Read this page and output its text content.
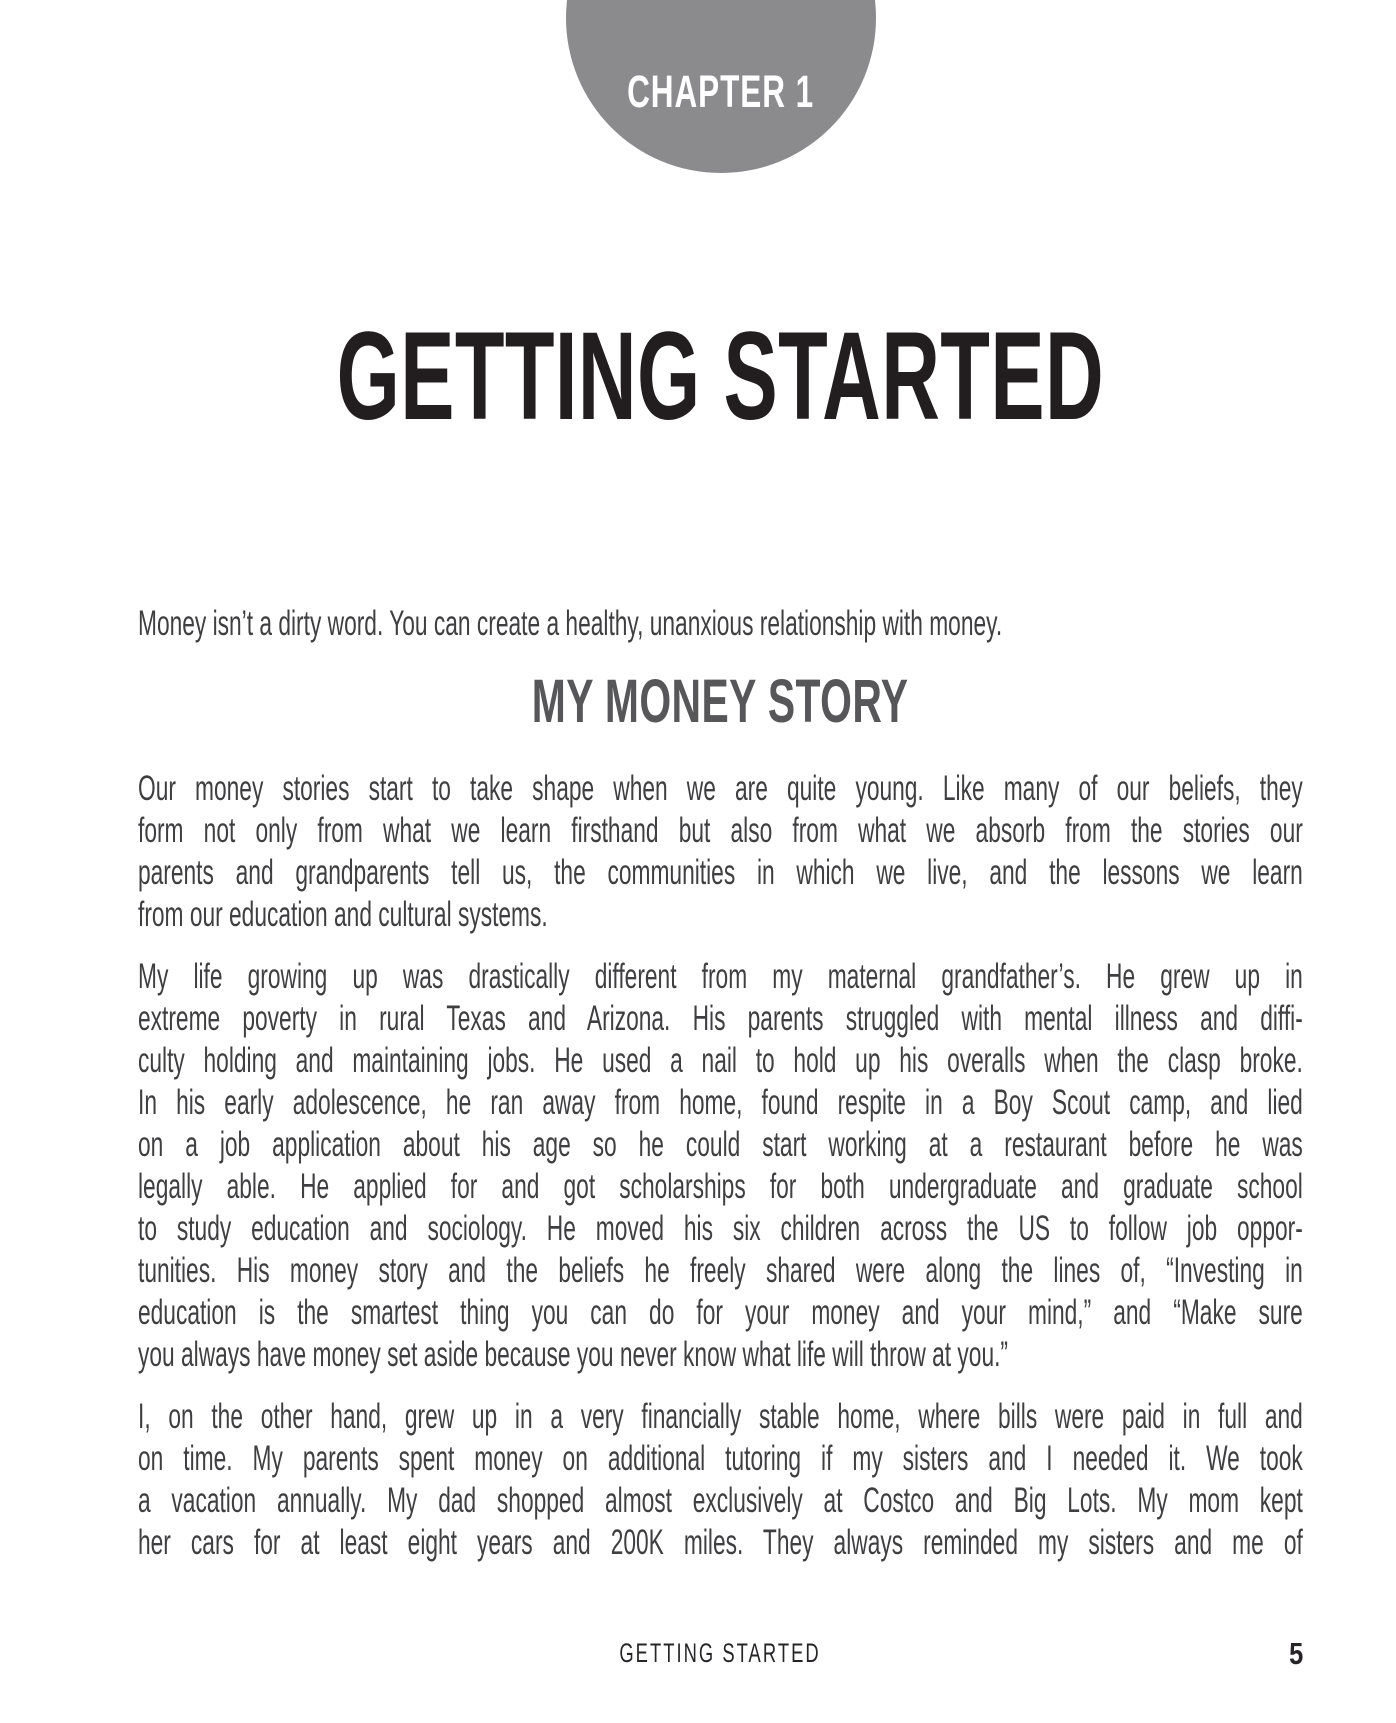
CHAPTER 1
GETTING STARTED

Money isn’t a dirty word. You can create a healthy, unanxious relationship with money.

MY MONEY STORY
Our money stories start to take shape when we are quite young. Like many of our beliefs, they
form not only from what we learn firsthand but also from what we absorb from the stories our
parents and grandparents tell us, the communities in which we live, and the lessons we learn
from our education and cultural systems.
My life growing up was drastically different from my maternal grandfather’s. He grew up in
extreme poverty in rural Texas and Arizona. His parents struggled with mental illness and diffi-
culty holding and maintaining jobs. He used a nail to hold up his overalls when the clasp broke.
In his early adolescence, he ran away from home, found respite in a Boy Scout camp, and lied
on a job application about his age so he could start working at a restaurant before he was
legally able. He applied for and got scholarships for both undergraduate and graduate school
to study education and sociology. He moved his six children across the US to follow job oppor-
tunities. His money story and the beliefs he freely shared were along the lines of, “Investing in
education is the smartest thing you can do for your money and your mind,” and “Make sure
you always have money set aside because you never know what life will throw at you.”
I, on the other hand, grew up in a very financially stable home, where bills were paid in full and
on time. My parents spent money on additional tutoring if my sisters and I needed it. We took
a vacation annually. My dad shopped almost exclusively at Costco and Big Lots. My mom kept
her cars for at least eight years and 200K miles. They always reminded my sisters and me of
GETTING STARTED	5
